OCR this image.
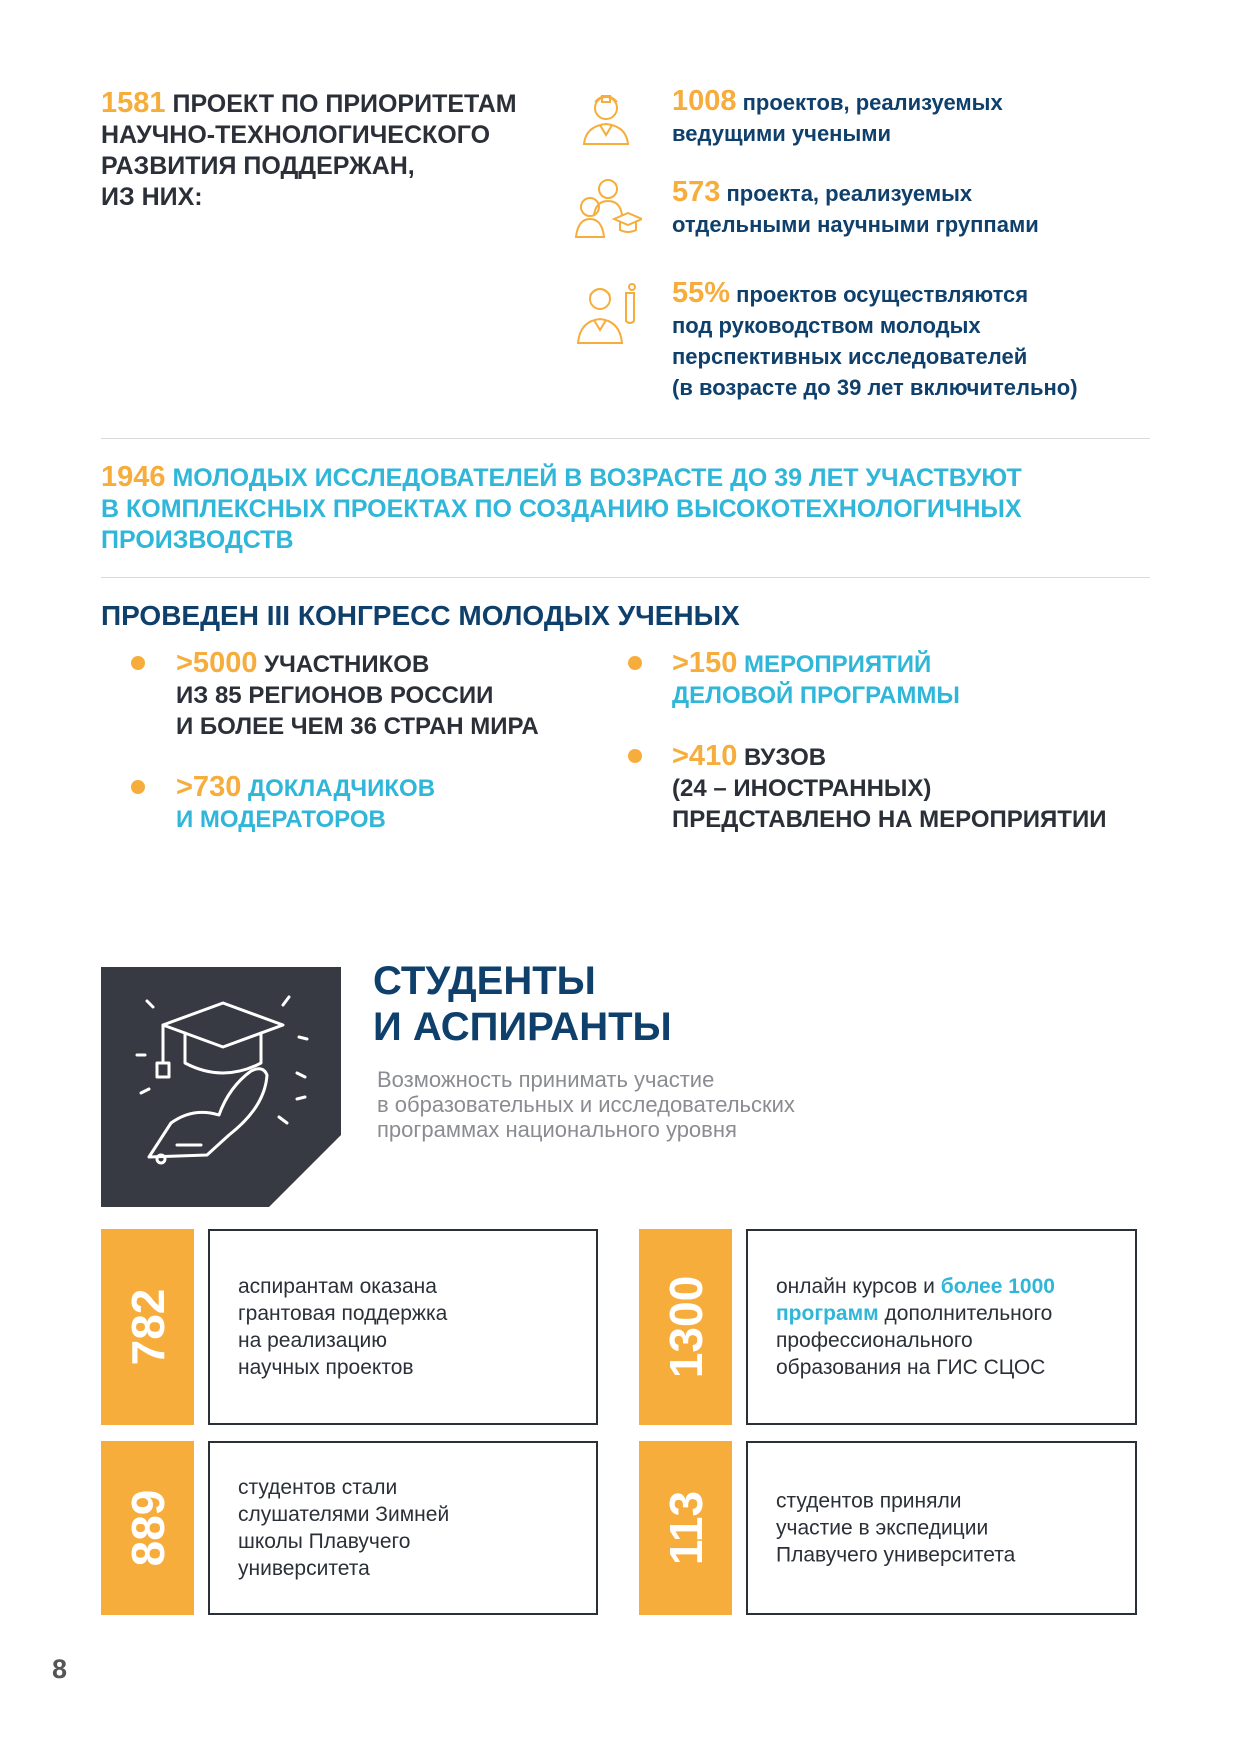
1581 ПРОЕКТ ПО ПРИОРИТЕТАМ
НАУЧНО-ТЕХНОЛОГИЧЕСКОГО
РАЗВИТИЯ ПОДДЕРЖАН,
ИЗ НИХ:
1008 проектов, реализуемых
ведущими учеными
573 проекта, реализуемых
отдельными научными группами
55% проектов осуществляются
под руководством молодых
перспективных исследователей
(в возрасте до 39 лет включительно)
1946 МОЛОДЫХ ИССЛЕДОВАТЕЛЕЙ В ВОЗРАСТЕ ДО 39 ЛЕТ УЧАСТВУЮТ
В КОМПЛЕКСНЫХ ПРОЕКТАХ ПО СОЗДАНИЮ ВЫСОКОТЕХНОЛОГИЧНЫХ
ПРОИЗВОДСТВ
ПРОВЕДЕН III КОНГРЕСС МОЛОДЫХ УЧЕНЫХ
>5000 УЧАСТНИКОВ
ИЗ 85 РЕГИОНОВ РОССИИ
И БОЛЕЕ ЧЕМ 36 СТРАН МИРА
>730 ДОКЛАДЧИКОВ
И МОДЕРАТОРОВ
>150 МЕРОПРИЯТИЙ
ДЕЛОВОЙ ПРОГРАММЫ
>410 ВУЗОВ
(24 – ИНОСТРАННЫХ)
ПРЕДСТАВЛЕНО НА МЕРОПРИЯТИИ
СТУДЕНТЫ
И АСПИРАНТЫ
Возможность принимать участие
в образовательных и исследовательских
программах национального уровня
782
аспирантам оказана
грантовая поддержка
на реализацию
научных проектов	1300	онлайн курсов и более 1000
программ дополнительного
профессионального
образования на ГИС СЦОС
889
студентов стали
слушателями Зимней
школы Плавучего
университета
113	студентов приняли
участие в экспедиции
Плавучего университета
8
